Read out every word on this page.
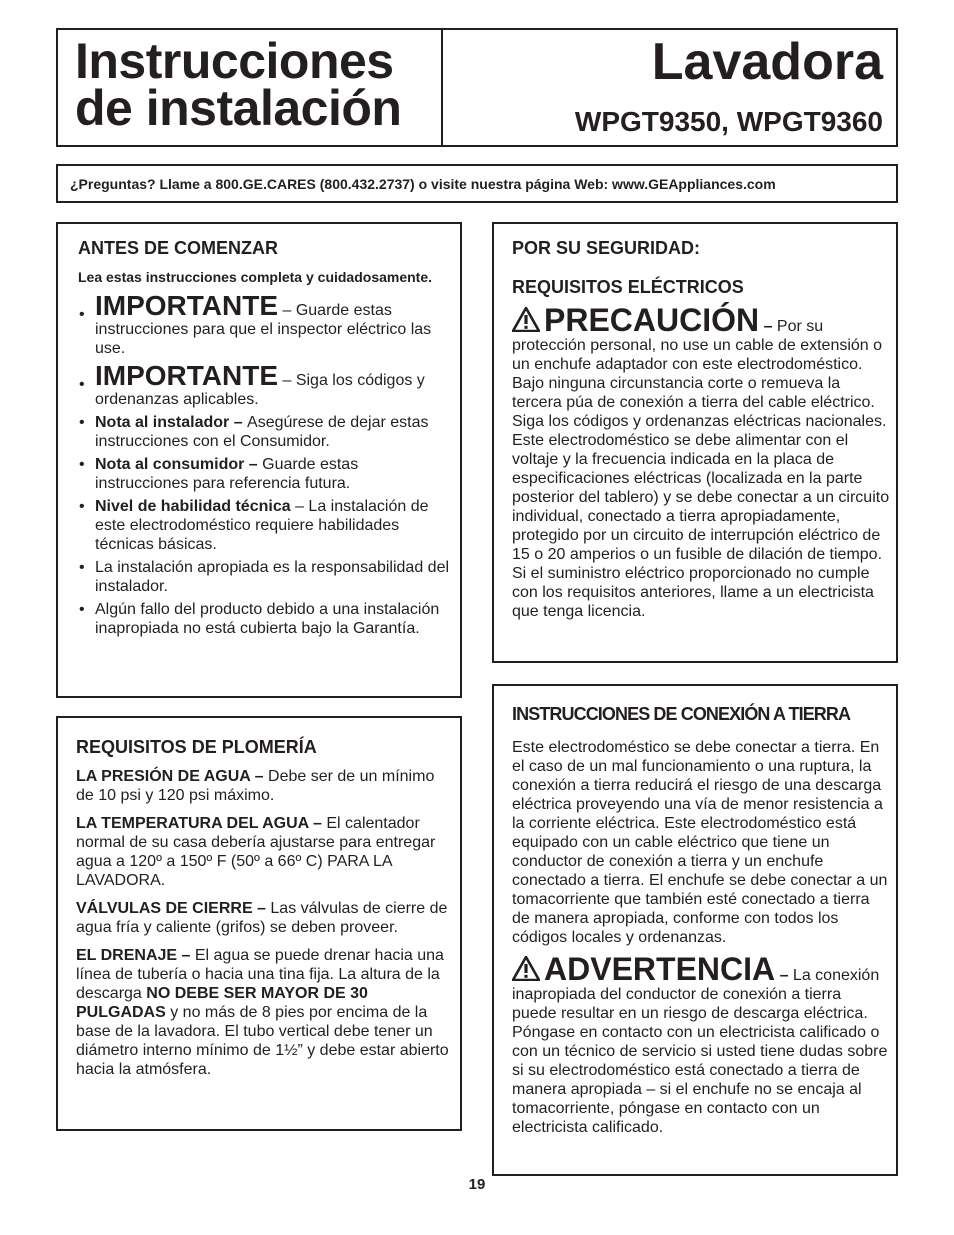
Instrucciones
de instalación
Lavadora
WPGT9350, WPGT9360
¿Preguntas? Llame a 800.GE.CARES (800.432.2737) o visite nuestra página Web: www.GEAppliances.com
ANTES DE COMENZAR

Lea estas instrucciones completa y cuidadosamente.

• IMPORTANTE – Guarde estas instrucciones para que el inspector eléctrico las use.
• IMPORTANTE – Siga los códigos y ordenanzas aplicables.
• Nota al instalador – Asegúrese de dejar estas instrucciones con el Consumidor.
• Nota al consumidor – Guarde estas instrucciones para referencia futura.
• Nivel de habilidad técnica – La instalación de este electrodoméstico requiere habilidades técnicas básicas.
• La instalación apropiada es la responsabilidad del instalador.
• Algún fallo del producto debido a una instalación inapropiada no está cubierta bajo la Garantía.
REQUISITOS DE PLOMERÍA

LA PRESIÓN DE AGUA – Debe ser de un mínimo de 10 psi y 120 psi máximo.

LA TEMPERATURA DEL AGUA – El calentador normal de su casa debería ajustarse para entregar agua a 120º a 150º F (50º a 66º C) PARA LA LAVADORA.

VÁLVULAS DE CIERRE – Las válvulas de cierre de agua fría y caliente (grifos) se deben proveer.

EL DRENAJE – El agua se puede drenar hacia una línea de tubería o hacia una tina fija. La altura de la descarga NO DEBE SER MAYOR DE 30 PULGADAS y no más de 8 pies por encima de la base de la lavadora. El tubo vertical debe tener un diámetro interno mínimo de 1½” y debe estar abierto hacia la atmósfera.

POR SU SEGURIDAD:
REQUISITOS ELÉCTRICOS

PRECAUCIÓN – Por su protección personal, no use un cable de extensión o un enchufe adaptador con este electrodoméstico. Bajo ninguna circunstancia corte o remueva la tercera púa de conexión a tierra del cable eléctrico. Siga los códigos y ordenanzas eléctricas nacionales. Este electrodoméstico se debe alimentar con el voltaje y la frecuencia indicada en la placa de especificaciones eléctricas (localizada en la parte posterior del tablero) y se debe conectar a un circuito individual, conectado a tierra apropiadamente, protegido por un circuito de interrupción eléctrico de 15 o 20 amperios o un fusible de dilación de tiempo. Si el suministro eléctrico proporcionado no cumple con los requisitos anteriores, llame a un electricista que tenga licencia.

INSTRUCCIONES DE CONEXIÓN A TIERRA

Este electrodoméstico se debe conectar a tierra. En el caso de un mal funcionamiento o una ruptura, la conexión a tierra reducirá el riesgo de una descarga eléctrica proveyendo una vía de menor resistencia a la corriente eléctrica. Este electrodoméstico está equipado con un cable eléctrico que tiene un conductor de conexión a tierra y un enchufe conectado a tierra. El enchufe se debe conectar a un tomacorriente que también esté conectado a tierra de manera apropiada, conforme con todos los códigos locales y ordenanzas.

ADVERTENCIA – La conexión inapropiada del conductor de conexión a tierra puede resultar en un riesgo de descarga eléctrica. Póngase en contacto con un electricista calificado o con un técnico de servicio si usted tiene dudas sobre si su electrodoméstico está conectado a tierra de manera apropiada – si el enchufe no se encaja al tomacorriente, póngase en contacto con un electricista calificado.

19
